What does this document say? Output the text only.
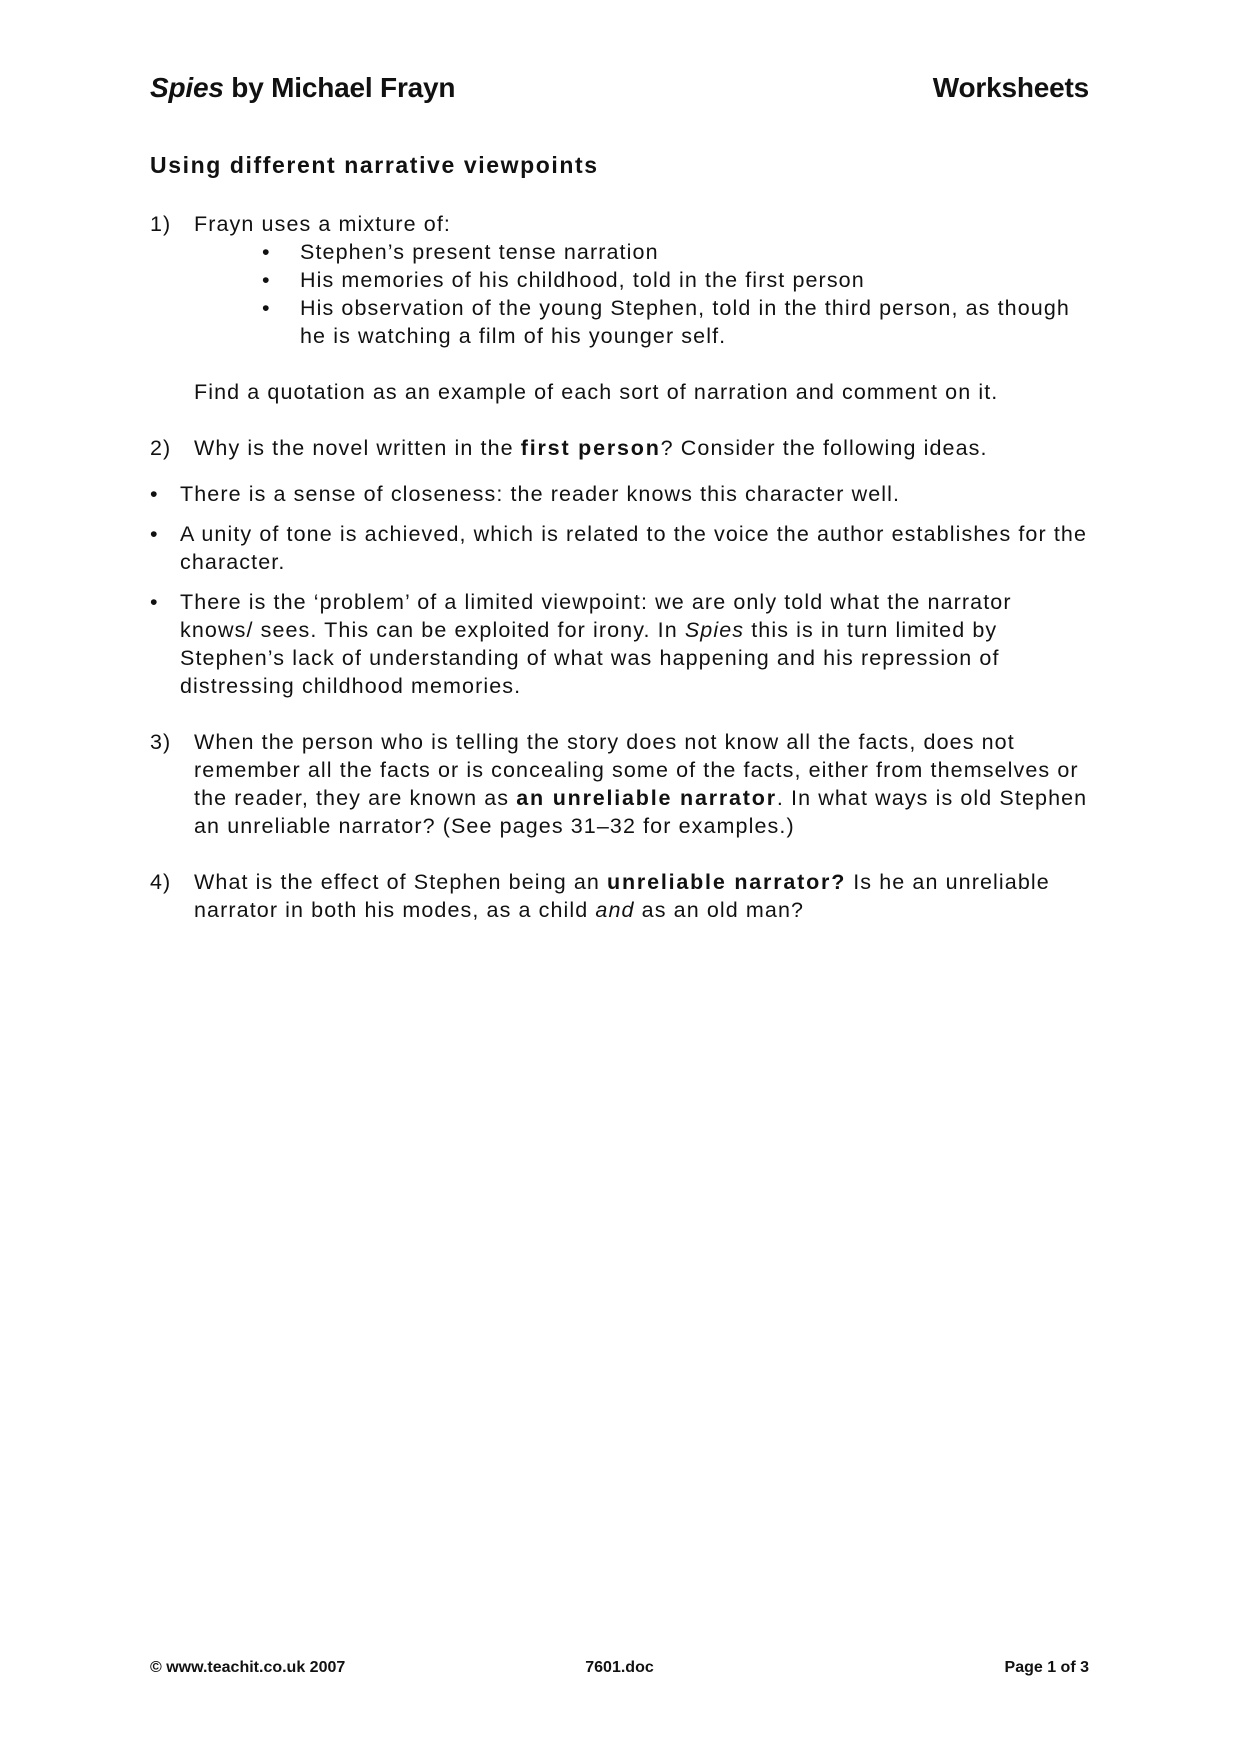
Spies by Michael Frayn	Worksheets
Using different narrative viewpoints
1)	Frayn uses a mixture of:

• Stephen’s present tense narration
• His memories of his childhood, told in the first person
• His observation of the young Stephen, told in the third person, as though he is watching a film of his younger self.

Find a quotation as an example of each sort of narration and comment on it.

2)	Why is the novel written in the first person? Consider the following ideas.

• There is a sense of closeness: the reader knows this character well.
• A unity of tone is achieved, which is related to the voice the author establishes for the character.
• There is the ‘problem’ of a limited viewpoint: we are only told what the narrator knows/ sees. This can be exploited for irony. In Spies this is in turn limited by Stephen’s lack of understanding of what was happening and his repression of distressing childhood memories.
3)	When the person who is telling the story does not know all the facts, does not remember all the facts or is concealing some of the facts, either from themselves or the reader, they are known as an unreliable narrator. In what ways is old Stephen an unreliable narrator? (See pages 31–32 for examples.)

4)	What is the effect of Stephen being an unreliable narrator? Is he an unreliable narrator in both his modes, as a child and as an old man?

© www.teachit.co.uk 2007	7601.doc	Page 1 of 3
